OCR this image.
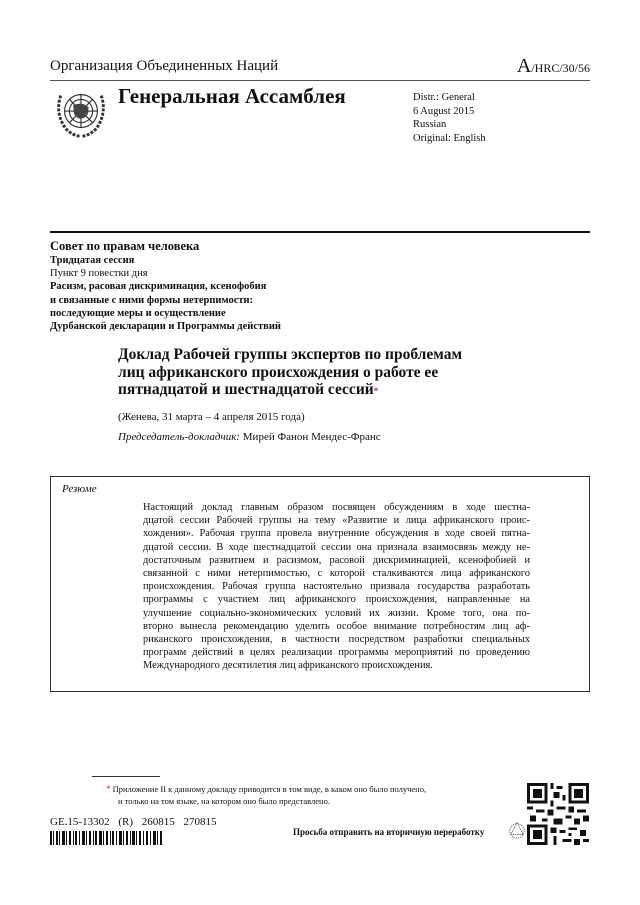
Организация Объединенных Наций	A/HRC/30/56
Генеральная Ассамблея	Distr.: General
6 August 2015
Russian
Original: English
Совет по правам человека
Тридцатая сессия
Пункт 9 повестки дня
Расизм, расовая дискриминация, ксенофобия
и связанные с ними формы нетерпимости:
последующие меры и осуществление
Дурбанской декларации и Программы действий
Доклад Рабочей группы экспертов по проблемам
лиц африканского происхождения о работе ее
пятнадцатой и шестнадцатой сессий*
(Женева, 31 марта – 4 апреля 2015 года)
Председатель-докладчик: Мирей Фанон Мендес-Франс
Резюме
Настоящий доклад главным образом посвящен обсуждениям в ходе шестна-
дцатой сессии Рабочей группы на тему «Развитие и лица африканского проис-
хождения». Рабочая группа провела внутренние обсуждения в ходе своей пятна-
дцатой сессии. В ходе шестнадцатой сессии она признала взаимосвязь между не-
достаточным развитием и расизмом, расовой дискриминацией, ксенофобией и
связанной с ними нетерпимостью, с которой сталкиваются лица африканского
происхождения. Рабочая группа настоятельно призвала государства разработать
программы с участием лиц африканского происхождения, направленные на
улучшение социально-экономических условий их жизни. Кроме того, она по-
вторно вынесла рекомендацию уделить особое внимание потребностям лиц аф-
риканского происхождения, в частности посредством разработки специальных
программ действий в целях реализации программы мероприятий по проведению
Международного десятилетия лиц африканского происхождения.
* Приложение II к данному докладу приводится в том виде, в каком оно было получено,
и только на том языке, на котором оно было представлено.
GE.15-13302 (R) 260815 270815
Просьба отправить на вторичную переработку
